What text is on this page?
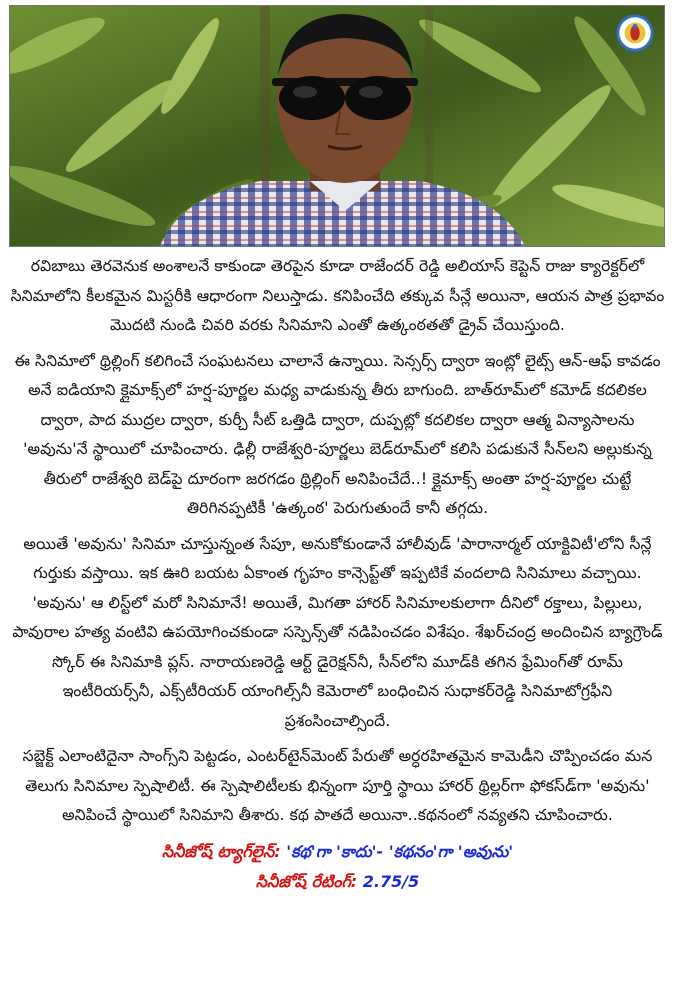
రవిబాబు తెరవెనుక అంశాలనే కాకుండా తెరపైన కూడా రాజేందర్ రెడ్డి అలియాస్ కెప్టెన్ రాజు క్యారెక్టర్‌లో సినిమాలోని కీలకమైన మిస్టరీకి ఆధారంగా నిలుస్తాడు. కనిపించేది తక్కువ సీన్లే అయినా, ఆయన పాత్ర ప్రభావం మొదటి నుండి చివరి వరకు సినిమాని ఎంతో ఉత్కంఠతతో డ్రైవ్ చేయిస్తుంది.

ఈ సినిమాలో థ్రిల్లింగ్ కలిగించే సంఘటనలు చాలానే ఉన్నాయి. సెన్సర్స్ ద్వారా ఇంట్లో లైట్స్ ఆన్-ఆఫ్ కావడం అనే ఐడియాని క్లైమాక్స్‌లో హర్ష-పూర్ణల మధ్య వాడుకున్న తీరు బాగుంది. బాత్‌రూమ్‌లో కమోడ్ కదలికల ద్వారా, పాద ముద్రల ద్వారా, కుర్చీ సీట్ ఒత్తిడి ద్వారా, దుప్పట్లో కదలికల ద్వారా ఆత్మ విన్యాసాలను 'అవును'నే స్థాయిలో చూపించారు. ఢిల్లీ రాజేశ్వరి-పూర్ణలు బెడ్‌రూమ్‌లో కలిసి పడుకునే సీన్‌లని అల్లుకున్న తీరులో రాజేశ్వరి బెడ్‌పై దూరంగా జరగడం థ్రిల్లింగ్ అనిపించేదే..! క్లైమాక్స్ అంతా హర్ష-పూర్ణల చుట్టే తిరిగినప్పటికీ 'ఉత్కంఠ' పెరుగుతుందే కానీ తగ్గదు.

అయితే 'అవును' సినిమా చూస్తున్నంత సేపూ, అనుకోకుండానే హాలీవుడ్ 'పారానార్మల్ యాక్టివిటీ'లోని సీన్లే గుర్తుకు వస్తాయి. ఇక ఊరి బయట ఏకాంత గృహం కాన్సెప్ట్‌తో ఇప్పటికే వందలాది సినిమాలు వచ్చాయి. 'అవును' ఆ లిస్ట్‌లో మరో సినిమానే! అయితే, మిగతా హారర్ సినిమాలకులాగా దీనిలో రక్తాలు, పిల్లులు, పావురాల హత్య వంటివి ఉపయోగించకుండా సస్పెన్స్‌తో నడిపించడం విశేషం. శేఖర్‌చంద్ర అందించిన బ్యాగ్రౌండ్ స్కోర్ ఈ సినిమాకి ప్లస్. నారాయణరెడ్డి ఆర్ట్ డైరెక్షన్‌నీ, సీన్‌లోని మూడ్‌కి తగిన ఫ్రేమింగ్‌తో రూమ్ ఇంటీరియర్స్‌నీ, ఎక్స్‌టీరియర్ యాంగిల్స్‌నీ కెమెరాలో బంధించిన సుధాకర్‌రెడ్డి సినిమాటోగ్రఫీని ప్రశంసించాల్సిందే.

సబ్జెక్ట్ ఎలాంటిదైనా సాంగ్స్‌ని పెట్టడం, ఎంటర్‌టైన్‌మెంట్ పేరుతో అర్ధరహితమైన కామెడీని చొప్పించడం మన తెలుగు సినిమాల స్పెషాలిటీ. ఈ స్పెషాలిటీలకు భిన్నంగా పూర్తి స్థాయి హారర్ థ్రిల్లర్‌గా ఫోకస్‌డ్‌గా 'అవును' అనిపించే స్థాయిలో సినిమాని తీశారు. కథ పాతదే అయినా..కథనంలో నవ్యతని చూపించారు.

సినీజోష్ ట్యాగ్‌లైన్: 'కథ'గా 'కాదు'- 'కథనం'గా 'అవును'

సినీజోష్ రేటింగ్: 2.75/5
